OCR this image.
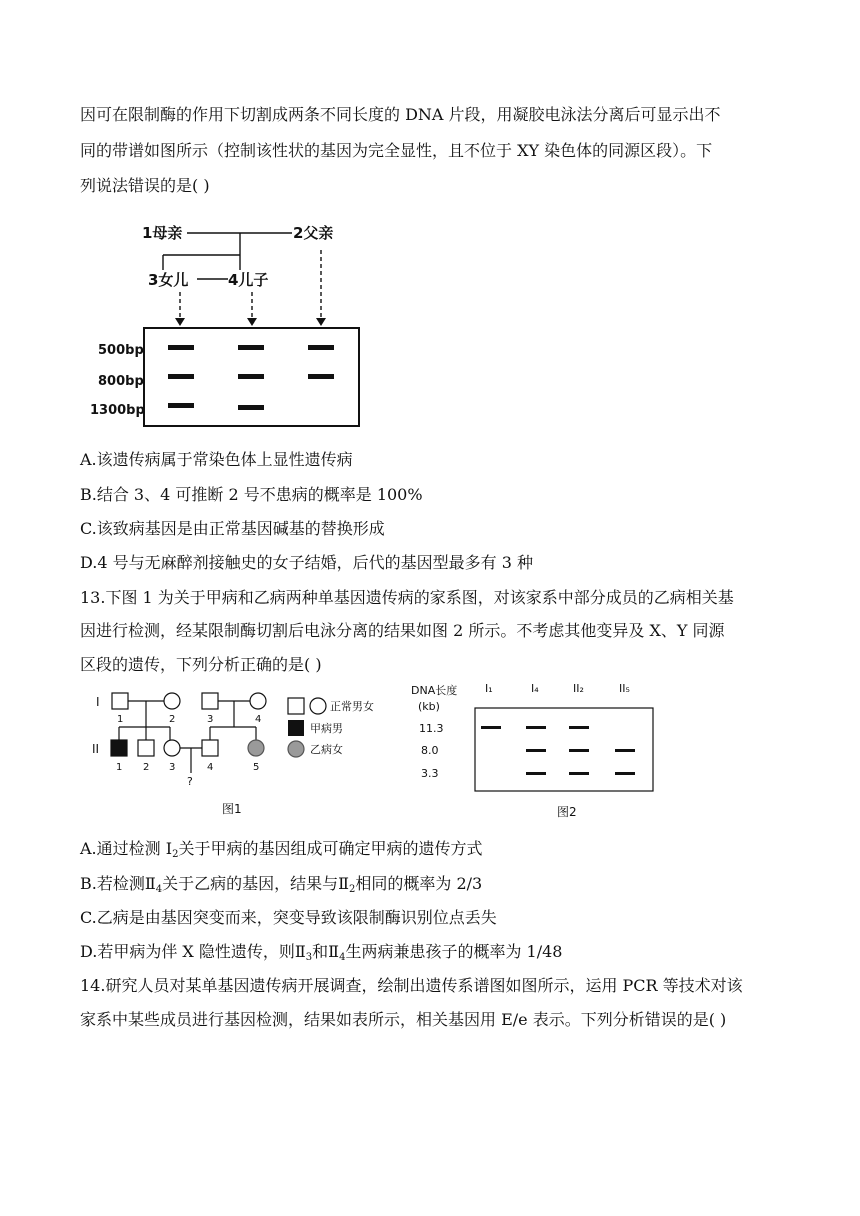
因可在限制酶的作用下切割成两条不同长度的 DNA 片段，用凝胶电泳法分离后可显示出不
同的带谱如图所示（控制该性状的基因为完全显性，且不位于 XY 染色体的同源区段）。下
列说法错误的是( )
1母亲	2父亲
3女儿	4儿子
500bp
800bp
1300bp
A.该遗传病属于常染色体上显性遗传病
B.结合 3、4 可推断 2 号不患病的概率是 100%
C.该致病基因是由正常基因碱基的替换形成
D.4 号与无麻醉剂接触史的女子结婚，后代的基因型最多有 3 种
13.下图 1 为关于甲病和乙病两种单基因遗传病的家系图，对该家系中部分成员的乙病相关基
因进行检测，经某限制酶切割后电泳分离的结果如图 2 所示。不考虑其他变异及 X、Y 同源
区段的遗传，下列分析正确的是( )
I
II
1	2	3	4
1 2 3	4	5
?
正常男女
甲病男
乙病女
图1
DNA长度
(kb)
11.3
8.0
3.3
I₁	I₄	II₂	II₅
图2
A.通过检测 $I_2$关于甲病的基因组成可确定甲病的遗传方式
B.若检测$Ⅱ_4$关于乙病的基因，结果与$Ⅱ_2$相同的概率为 2/3
C.乙病是由基因突变而来，突变导致该限制酶识别位点丢失
D.若甲病为伴 X 隐性遗传，则$Ⅱ_3$和$Ⅱ_4$生两病兼患孩子的概率为 1/48
14.研究人员对某单基因遗传病开展调查，绘制出遗传系谱图如图所示，运用 PCR 等技术对该
家系中某些成员进行基因检测，结果如表所示，相关基因用 E/e 表示。下列分析错误的是( )
